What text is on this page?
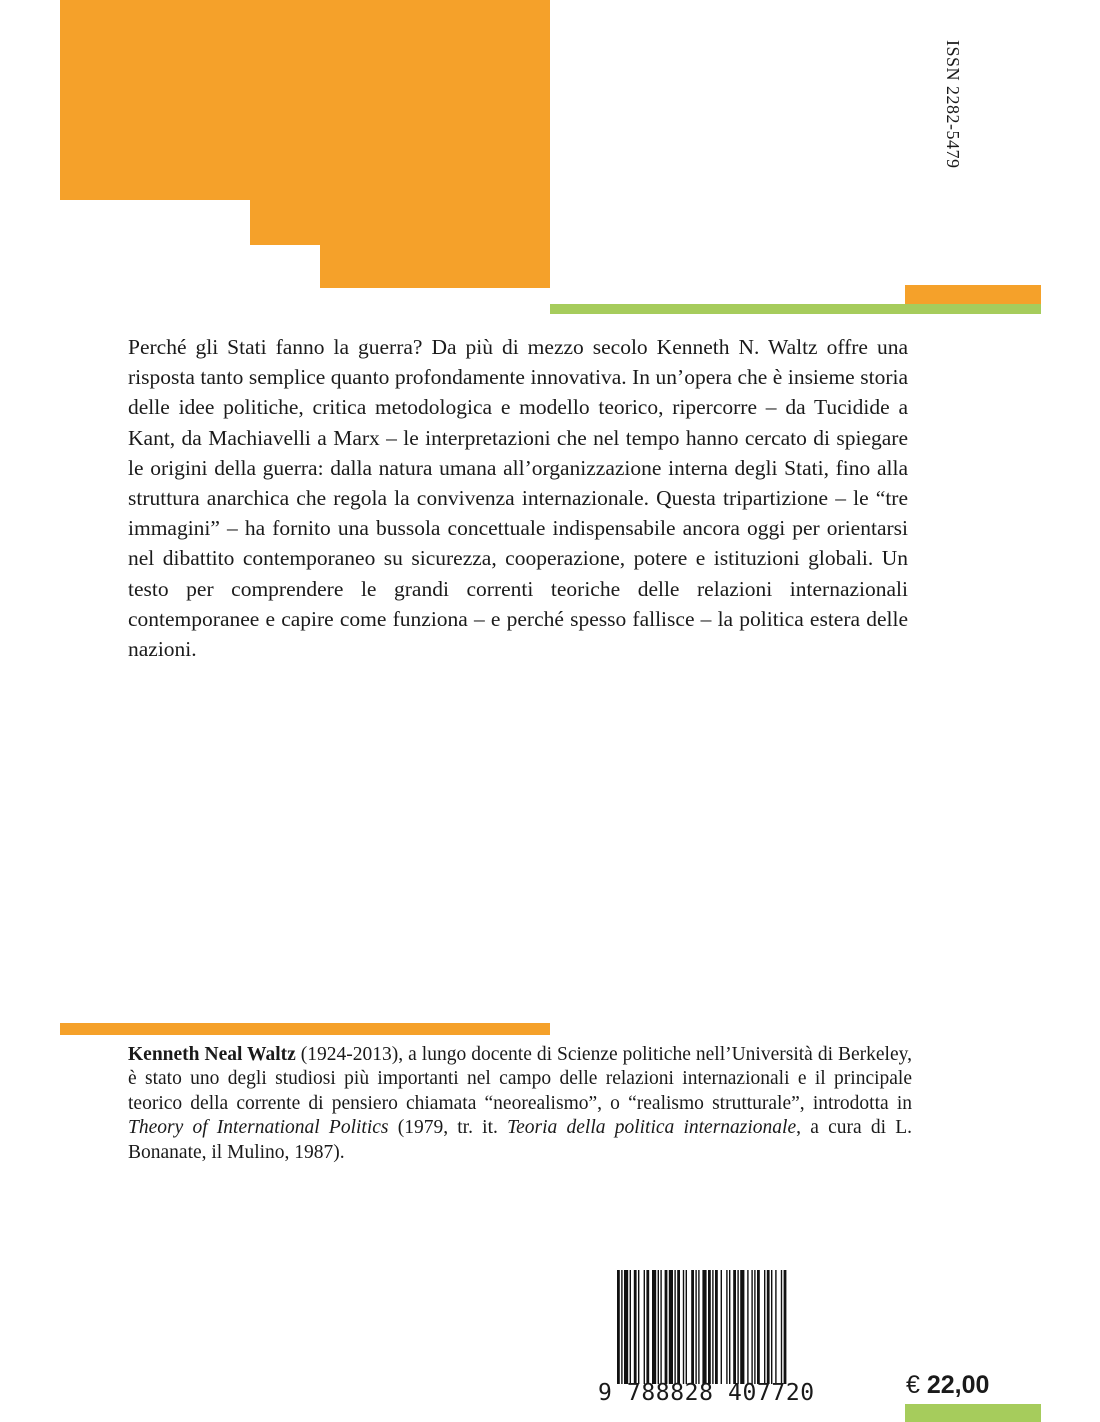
ISSN 2282-5479

Perché gli Stati fanno la guerra? Da più di mezzo secolo Kenneth N. Waltz offre una risposta tanto semplice quanto profondamente innovativa. In un’opera che è insieme storia delle idee politiche, critica metodologica e modello teorico, ripercorre – da Tucidide a Kant, da Machiavelli a Marx – le interpretazioni che nel tempo hanno cercato di spiegare le origini della guerra: dalla natura umana all’organizzazione interna degli Stati, fino alla struttura anarchica che regola la convivenza internazionale. Questa tripartizione – le “tre immagini” – ha fornito una bussola concettuale indispensabile ancora oggi per orientarsi nel dibattito contemporaneo su sicurezza, cooperazione, potere e istituzioni globali. Un testo per comprendere le grandi correnti teoriche delle relazioni internazionali contemporanee e capire come funziona – e perché spesso fallisce – la politica estera delle nazioni.

Kenneth Neal Waltz (1924-2013), a lungo docente di Scienze politiche nell’Università di Berkeley, è stato uno degli studiosi più importanti nel campo delle relazioni internazionali e il principale teorico della corrente di pensiero chiamata “neorealismo”, o “realismo strutturale”, introdotta in Theory of International Politics (1979, tr. it. Teoria della politica internazionale, a cura di L. Bonanate, il Mulino, 1987).

9 788828 407720	€ 22,00
